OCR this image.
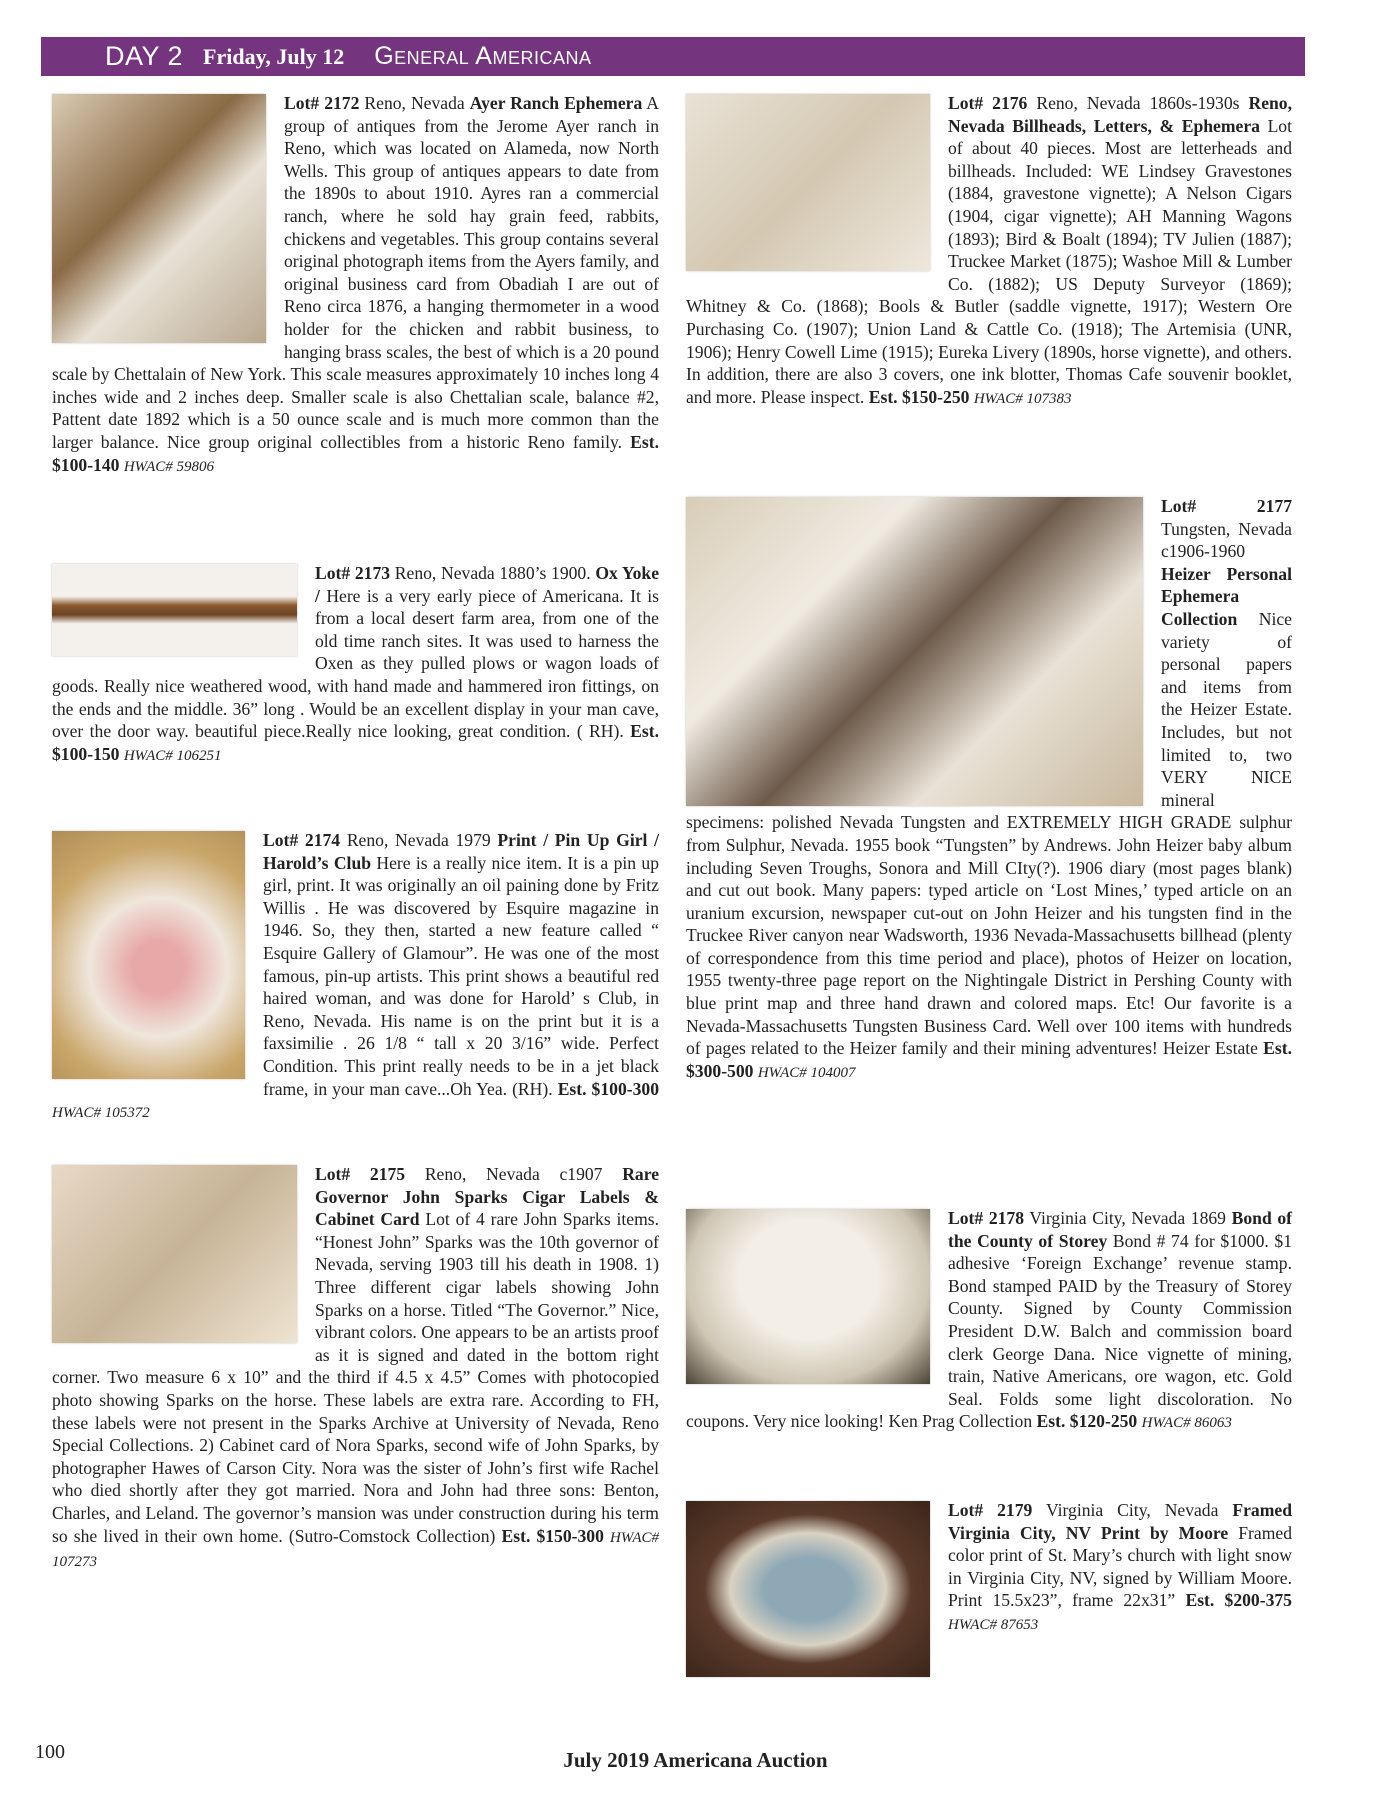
DAY 2 Friday, July 12 General Americana
Lot# 2172 Reno, Nevada Ayer Ranch Ephemera A group of antiques from the Jerome Ayer ranch in Reno, which was located on Alameda, now North Wells. This group of antiques appears to date from the 1890s to about 1910. Ayres ran a commercial ranch, where he sold hay grain feed, rabbits, chickens and vegetables. This group contains several original photograph items from the Ayers family, and original business card from Obadiah I are out of Reno circa 1876, a hanging thermometer in a wood holder for the chicken and rabbit business, to hanging brass scales, the best of which is a 20 pound scale by Chettalain of New York. This scale measures approximately 10 inches long 4 inches wide and 2 inches deep. Smaller scale is also Chettalian scale, balance #2, Pattent date 1892 which is a 50 ounce scale and is much more common than the larger balance. Nice group original collectibles from a historic Reno family. Est. $100-140 HWAC# 59806
Lot# 2173 Reno, Nevada 1880’s 1900. Ox Yoke / Here is a very early piece of Americana. It is from a local desert farm area, from one of the old time ranch sites. It was used to harness the Oxen as they pulled plows or wagon loads of goods. Really nice weathered wood, with hand made and hammered iron fittings, on the ends and the middle. 36” long . Would be an excellent display in your man cave, over the door way. beautiful piece.Really nice looking, great condition. ( RH). Est. $100-150 HWAC# 106251
Lot# 2174 Reno, Nevada 1979 Print / Pin Up Girl / Harold’s Club Here is a really nice item. It is a pin up girl, print. It was originally an oil paining done by Fritz Willis . He was discovered by Esquire magazine in 1946. So, they then, started a new feature called “ Esquire Gallery of Glamour”. He was one of the most famous, pin-up artists. This print shows a beautiful red haired woman, and was done for Harold’ s Club, in Reno, Nevada. His name is on the print but it is a faxsimilie . 26 1/8 “ tall x 20 3/16” wide. Perfect Condition. This print really needs to be in a jet black frame, in your man cave...Oh Yea. (RH). Est. $100-300 HWAC# 105372
Lot# 2175 Reno, Nevada c1907 Rare Governor John Sparks Cigar Labels & Cabinet Card Lot of 4 rare John Sparks items. “Honest John” Sparks was the 10th governor of Nevada, serving 1903 till his death in 1908. 1) Three different cigar labels showing John Sparks on a horse. Titled “The Governor.” Nice, vibrant colors. One appears to be an artists proof as it is signed and dated in the bottom right corner. Two measure 6 x 10” and the third if 4.5 x 4.5” Comes with photocopied photo showing Sparks on the horse. These labels are extra rare. According to FH, these labels were not present in the Sparks Archive at University of Nevada, Reno Special Collections. 2) Cabinet card of Nora Sparks, second wife of John Sparks, by photographer Hawes of Carson City. Nora was the sister of John’s first wife Rachel who died shortly after they got married. Nora and John had three sons: Benton, Charles, and Leland. The governor’s mansion was under construction during his term so she lived in their own home. (Sutro-Comstock Collection) Est. $150-300 HWAC# 107273
Lot# 2176 Reno, Nevada 1860s-1930s Reno, Nevada Billheads, Letters, & Ephemera Lot of about 40 pieces. Most are letterheads and billheads. Included: WE Lindsey Gravestones (1884, gravestone vignette); A Nelson Cigars (1904, cigar vignette); AH Manning Wagons (1893); Bird & Boalt (1894); TV Julien (1887); Truckee Market (1875); Washoe Mill & Lumber Co. (1882); US Deputy Surveyor (1869); Whitney & Co. (1868); Bools & Butler (saddle vignette, 1917); Western Ore Purchasing Co. (1907); Union Land & Cattle Co. (1918); The Artemisia (UNR, 1906); Henry Cowell Lime (1915); Eureka Livery (1890s, horse vignette), and others. In addition, there are also 3 covers, one ink blotter, Thomas Cafe souvenir booklet, and more. Please inspect. Est. $150-250 HWAC# 107383
Lot# 2177 Tungsten, Nevada c1906-1960 Heizer Personal Ephemera Collection Nice variety of personal papers and items from the Heizer Estate. Includes, but not limited to, two VERY NICE mineral specimens: polished Nevada Tungsten and EXTREMELY HIGH GRADE sulphur from Sulphur, Nevada. 1955 book “Tungsten” by Andrews. John Heizer baby album including Seven Troughs, Sonora and Mill CIty(?). 1906 diary (most pages blank) and cut out book. Many papers: typed article on ‘Lost Mines,’ typed article on an uranium excursion, newspaper cut-out on John Heizer and his tungsten find in the Truckee River canyon near Wadsworth, 1936 Nevada-Massachusetts billhead (plenty of correspondence from this time period and place), photos of Heizer on location, 1955 twenty-three page report on the Nightingale District in Pershing County with blue print map and three hand drawn and colored maps. Etc! Our favorite is a Nevada-Massachusetts Tungsten Business Card. Well over 100 items with hundreds of pages related to the Heizer family and their mining adventures! Heizer Estate Est. $300-500 HWAC# 104007
Lot# 2178 Virginia City, Nevada 1869 Bond of the County of Storey Bond # 74 for $1000. $1 adhesive ‘Foreign Exchange’ revenue stamp. Bond stamped PAID by the Treasury of Storey County. Signed by County Commission President D.W. Balch and commission board clerk George Dana. Nice vignette of mining, train, Native Americans, ore wagon, etc. Gold Seal. Folds some light discoloration. No coupons. Very nice looking! Ken Prag Collection Est. $120-250 HWAC# 86063
Lot# 2179 Virginia City, Nevada Framed Virginia City, NV Print by Moore Framed color print of St. Mary’s church with light snow in Virginia City, NV, signed by William Moore. Print 15.5x23”, frame 22x31” Est. $200-375 HWAC# 87653
100	July 2019 Americana Auction
